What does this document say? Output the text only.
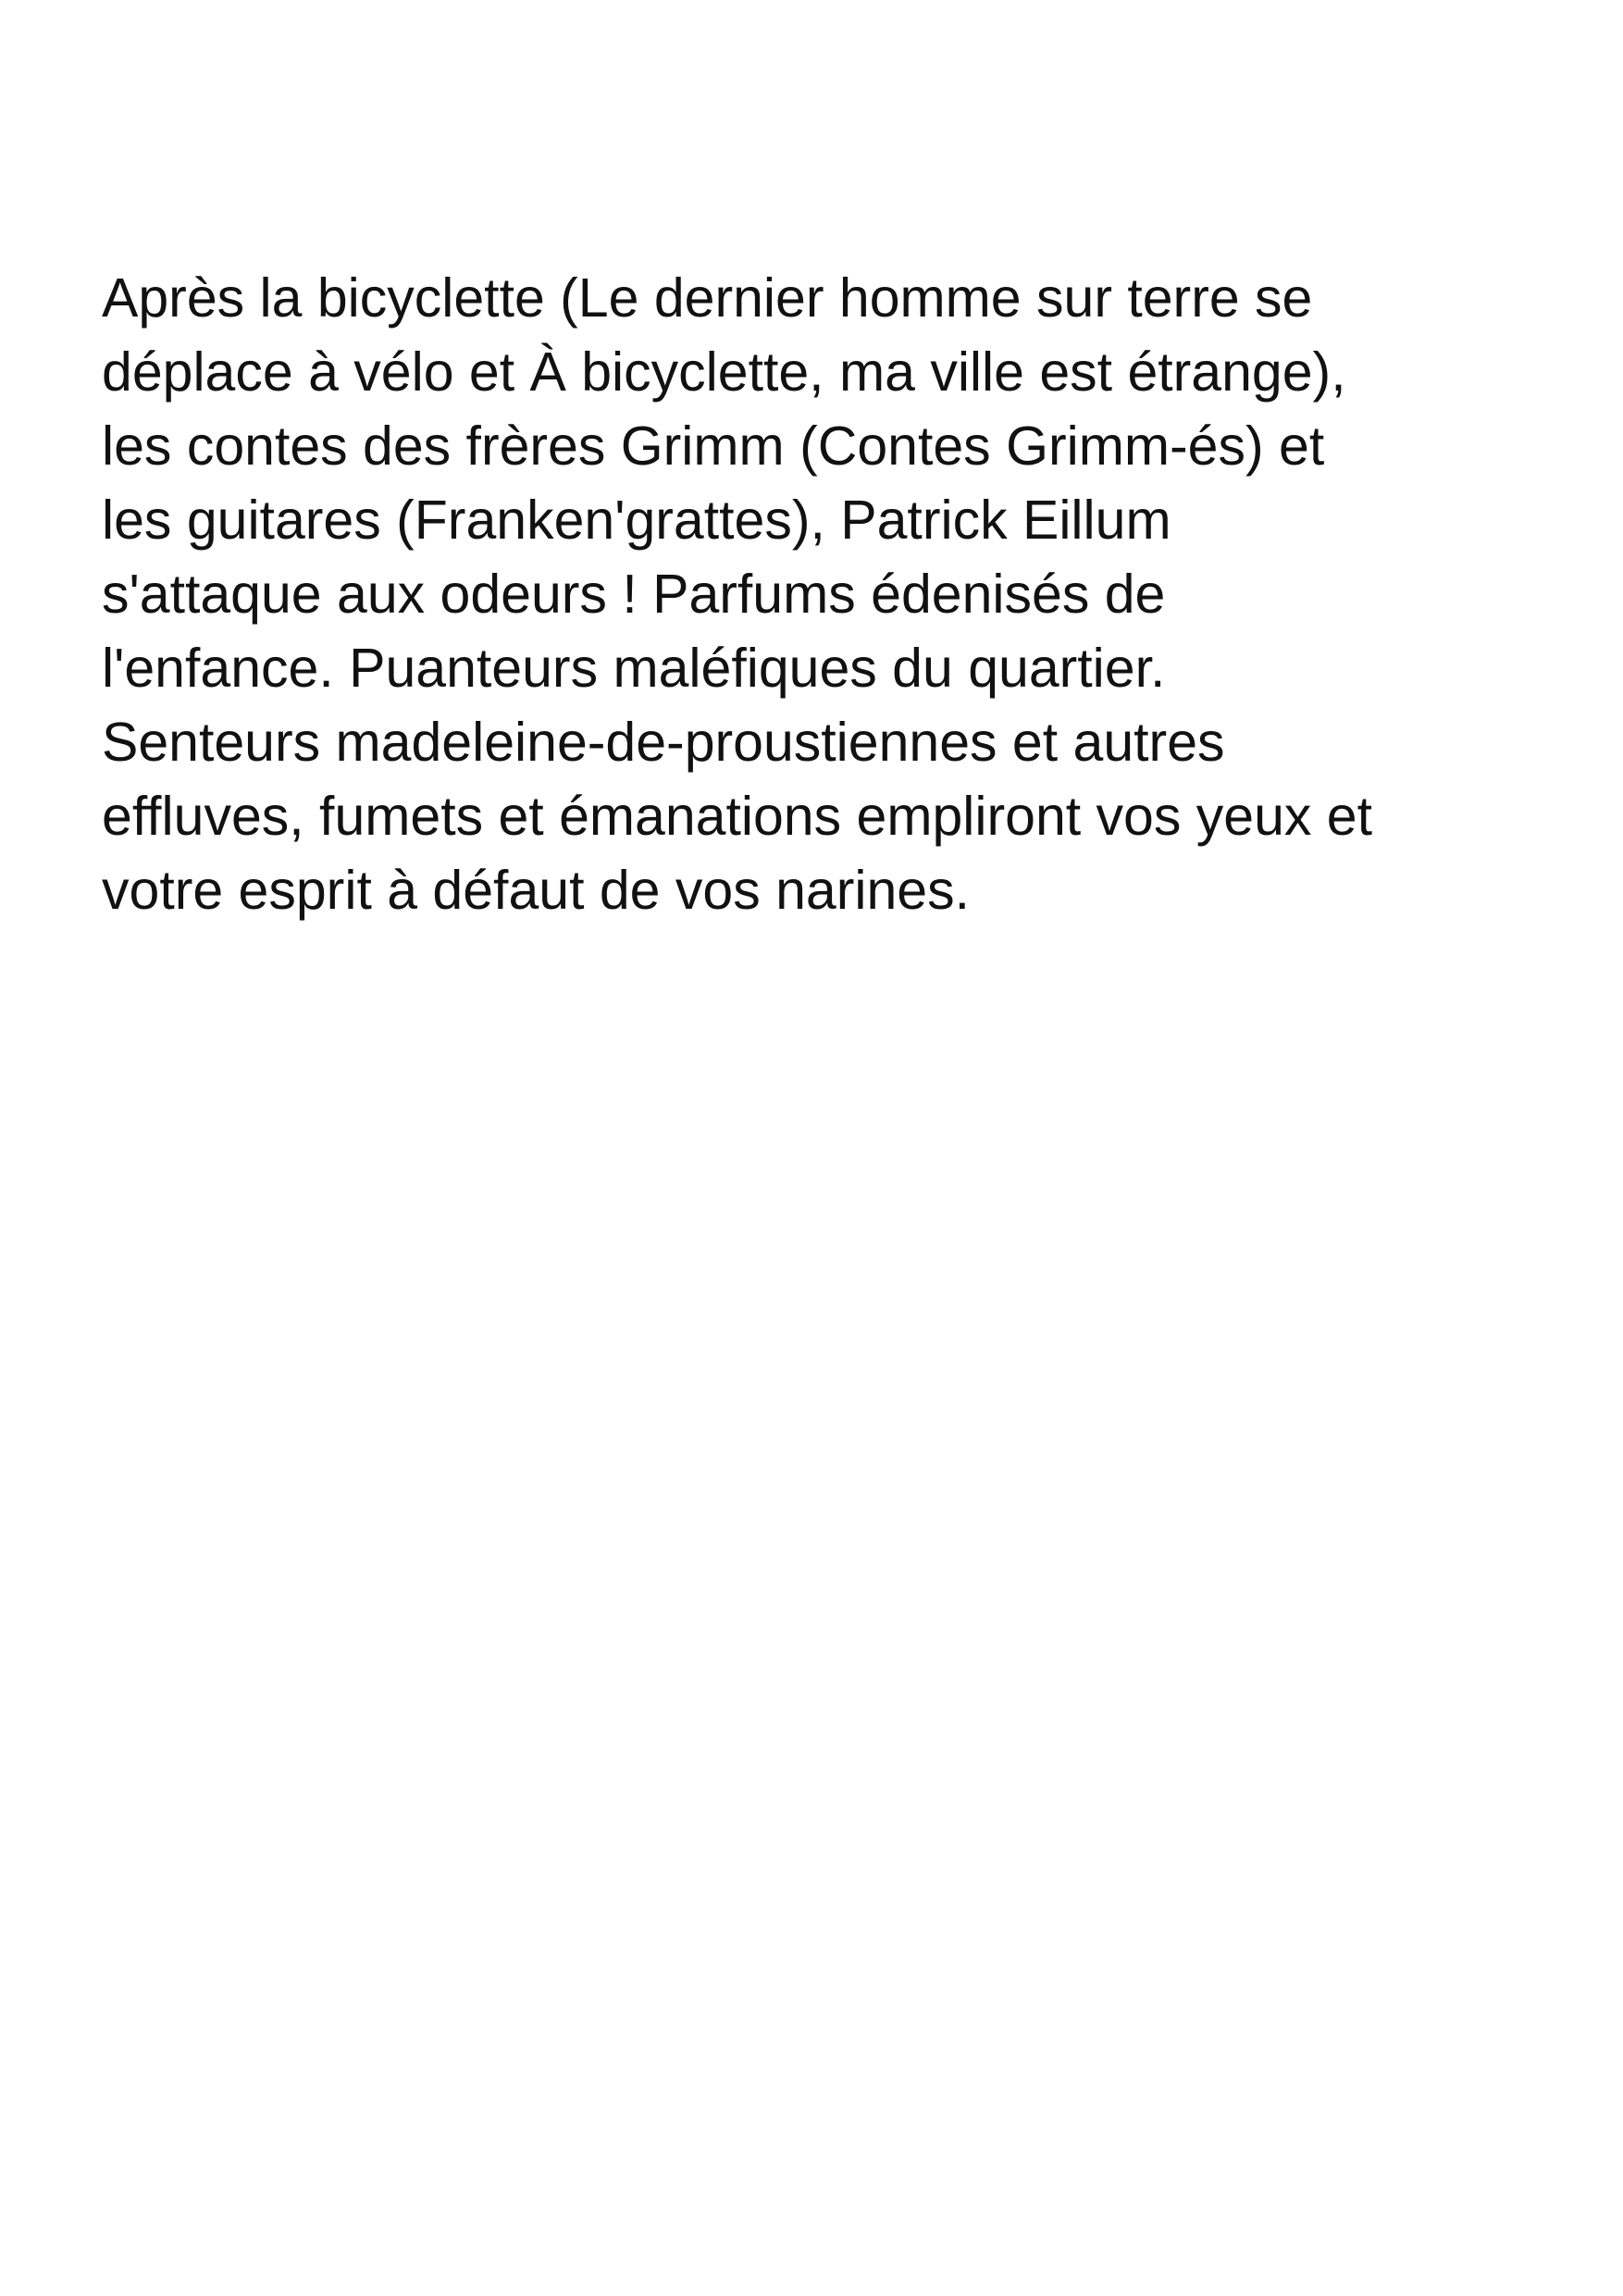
Après la bicyclette (Le dernier homme sur terre se
déplace à vélo et À bicyclette, ma ville est étrange),
les contes des frères Grimm (Contes Grimm-és) et
les guitares (Franken'grattes), Patrick Eillum
s'attaque aux odeurs ! Parfums édenisés de
l'enfance. Puanteurs maléfiques du quartier.
Senteurs madeleine-de-proustiennes et autres
effluves, fumets et émanations empliront vos yeux et
votre esprit à défaut de vos narines.
